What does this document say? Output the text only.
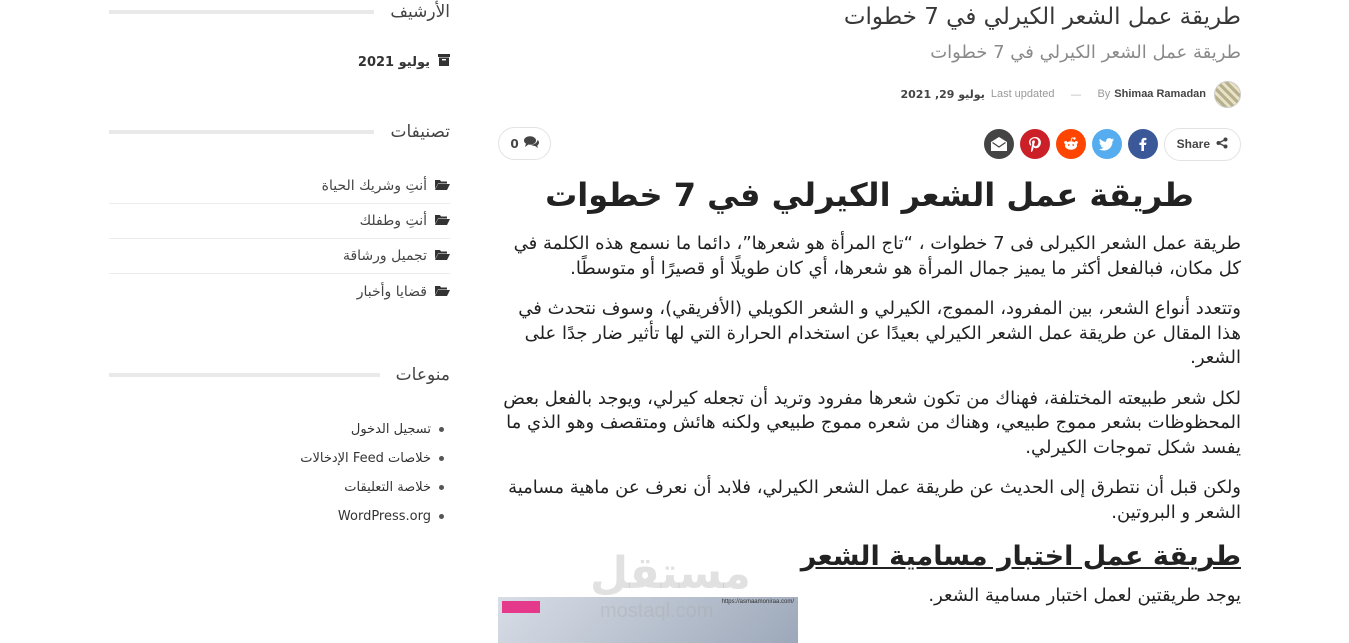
طريقة عمل الشعر الكيرلي في 7 خطوات
طريقة عمل الشعر الكيرلي في 7 خطوات
By Shimaa Ramadan
—
يوليو 29, 2021 Last updated
Share
0
طريقة عمل الشعر الكيرلي في 7 خطوات

طريقة عمل الشعر الكيرلى فى 7 خطوات ، “تاج المرأة هو شعرها”، دائما ما نسمع هذه الكلمة في كل مكان، فبالفعل أكثر ما يميز جمال المرأة هو شعرها، أي كان طويلًا أو قصيرًا أو متوسطًا.

وتتعدد أنواع الشعر، بين المفرود، المموج، الكيرلي و الشعر الكويلي (الأفريقي)، وسوف نتحدث في هذا المقال عن طريقة عمل الشعر الكيرلي بعيدًا عن استخدام الحرارة التي لها تأثير ضار جدًا على الشعر.

لكل شعر طبيعته المختلفة، فهناك من تكون شعرها مفرود وتريد أن تجعله كيرلي، ويوجد بالفعل بعض المحظوظات بشعر مموج طبيعي، وهناك من شعره مموج طبيعي ولكنه هائش ومتقصف وهو الذي ما يفسد شكل تموجات الكيرلي.

ولكن قبل أن نتطرق إلى الحديث عن طريقة عمل الشعر الكيرلي، فلابد أن نعرف عن ماهية مسامية الشعر و البروتين.

طريقة عمل اختبار مسامية الشعر

يوجد طريقتين لعمل اختبار مسامية الشعر.

https://asmaamoniraa.com/
مستقل
mostaql.com
الأرشيف
يوليو 2021
تصنيفات
أنتِ وشريك الحياة
أنتِ وطفلك
تجميل ورشاقة
قضايا وأخبار
منوعات
تسجيل الدخول
خلاصات Feed الإدخالات
خلاصة التعليقات
WordPress.org
